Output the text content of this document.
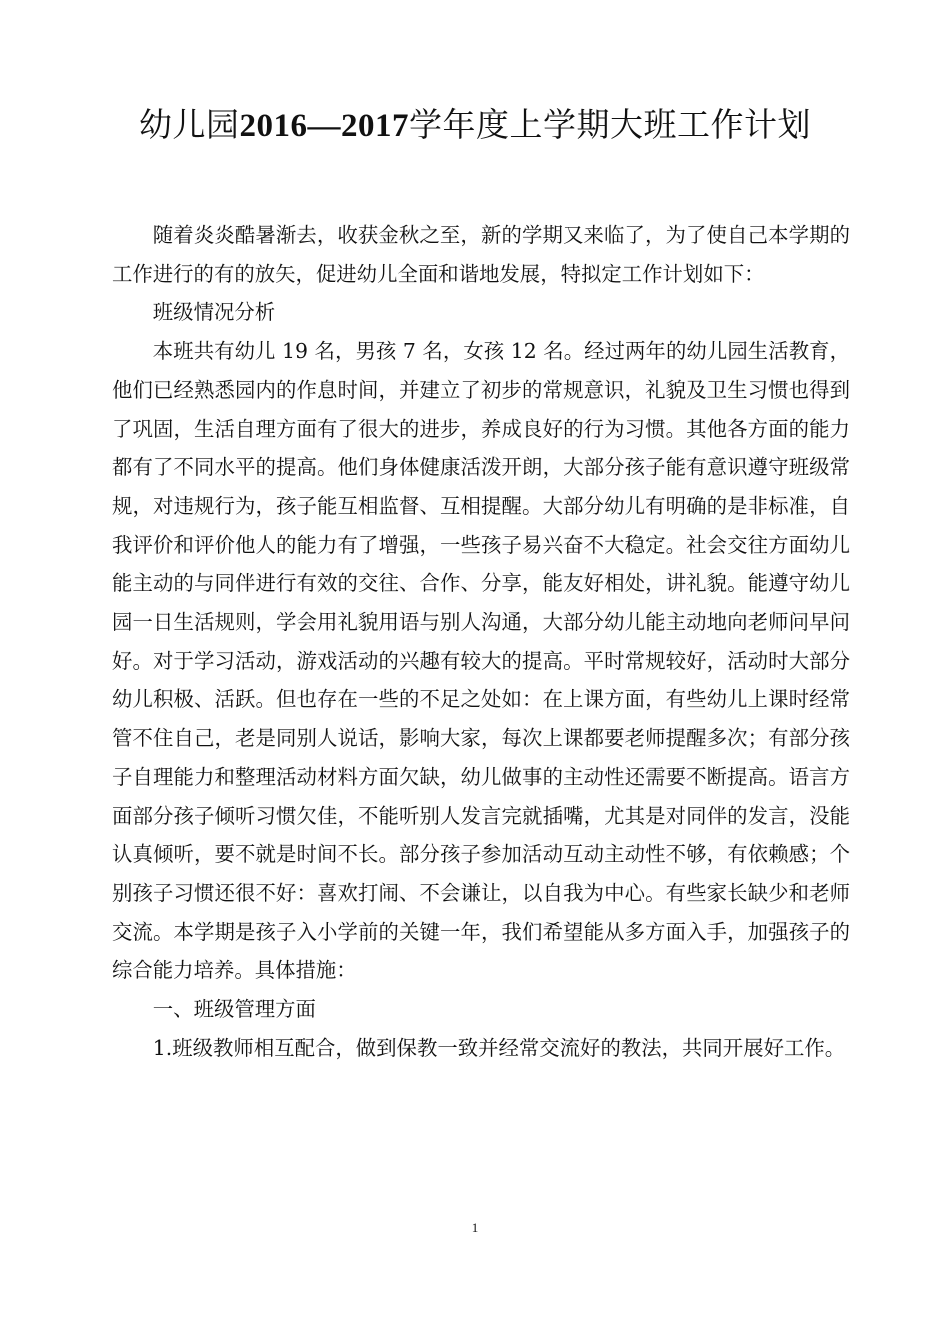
幼儿园2016—2017学年度上学期大班工作计划

随着炎炎酷暑渐去，收获金秋之至，新的学期又来临了，为了使自己本学期的工作进行的有的放矢，促进幼儿全面和谐地发展，特拟定工作计划如下：

班级情况分析

本班共有幼儿 19 名，男孩 7 名，女孩 12 名。经过两年的幼儿园生活教育，他们已经熟悉园内的作息时间，并建立了初步的常规意识，礼貌及卫生习惯也得到了巩固，生活自理方面有了很大的进步，养成良好的行为习惯。其他各方面的能力都有了不同水平的提高。他们身体健康活泼开朗，大部分孩子能有意识遵守班级常规，对违规行为，孩子能互相监督、互相提醒。大部分幼儿有明确的是非标准，自我评价和评价他人的能力有了增强，一些孩子易兴奋不大稳定。社会交往方面幼儿能主动的与同伴进行有效的交往、合作、分享，能友好相处，讲礼貌。能遵守幼儿园一日生活规则，学会用礼貌用语与别人沟通，大部分幼儿能主动地向老师问早问好。对于学习活动，游戏活动的兴趣有较大的提高。平时常规较好，活动时大部分幼儿积极、活跃。但也存在一些的不足之处如：在上课方面，有些幼儿上课时经常管不住自己，老是同别人说话，影响大家，每次上课都要老师提醒多次；有部分孩子自理能力和整理活动材料方面欠缺，幼儿做事的主动性还需要不断提高。语言方面部分孩子倾听习惯欠佳，不能听别人发言完就插嘴，尤其是对同伴的发言，没能认真倾听，要不就是时间不长。部分孩子参加活动互动主动性不够，有依赖感；个别孩子习惯还很不好：喜欢打闹、不会谦让，以自我为中心。有些家长缺少和老师交流。本学期是孩子入小学前的关键一年，我们希望能从多方面入手，加强孩子的综合能力培养。具体措施：

一、班级管理方面

1.班级教师相互配合，做到保教一致并经常交流好的教法，共同开展好工作。

1
